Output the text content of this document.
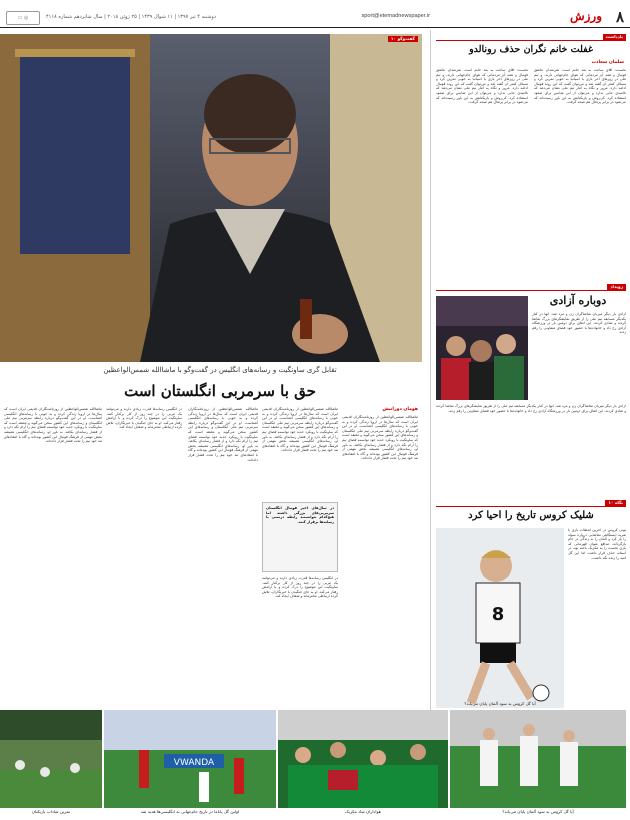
۸
ورزش
sport@etemadnewspaper.ir
دوشنبه ۴ تیر ۱۳۹۷ | ۱۱ شوال ۱۴۳۹ | ۲۵ ژوئن ۲۰۱۸ | سال شانزدهم شماره ۴۱۱۸
◎ ▭
گفت‌وگو ۱۰
تقابل گری ساوتگیت و رسانه‌های انگلیس در گفت‌وگو با ماشاالله شمس‌الواعظین
حق با سرمربی انگلستان است
هومان دورانیش
ماشاالله شمس‌الواعظین از روزنامه‌نگاران قدیمی ایران است که سال‌ها در اروپا زندگی کرده و به خوبی با رسانه‌های انگلیسی آشناست. او در این گفت‌وگو درباره رابطه سرمربی تیم ملی انگلستان و رسانه‌های این کشور سخن می‌گوید و معتقد است که ساوتگیت با رویکرد جدید خود توانسته فضای تیم را آرام نگه دارد و از فشار رسانه‌ای بکاهد. به باور او، رسانه‌های انگلیسی همیشه بخش مهمی از فرهنگ فوتبال این کشور بوده‌اند و گاه با انتقادهای تند خود تیم را تحت فشار قرار داده‌اند.
ماشاالله شمس‌الواعظین از روزنامه‌نگاران قدیمی ایران است که سال‌ها در اروپا زندگی کرده و به خوبی با رسانه‌های انگلیسی آشناست. او در این گفت‌وگو درباره رابطه سرمربی تیم ملی انگلستان و رسانه‌های این کشور سخن می‌گوید و معتقد است که ساوتگیت با رویکرد جدید خود توانسته فضای تیم را آرام نگه دارد و از فشار رسانه‌ای بکاهد. به باور او، رسانه‌های انگلیسی همیشه بخش مهمی از فرهنگ فوتبال این کشور بوده‌اند و گاه با انتقادهای تند خود تیم را تحت فشار قرار داده‌اند.
در سال‌های اخیر فوتبال انگلستان سرمربی‌های بزرگی داشته اما هیچ‌کدام نتوانستند رابطه درستی با رسانه‌ها برقرار کنند.
در انگلیس رسانه‌ها قدرت زیادی دارند و می‌توانند یک مربی را در چند روز از کار برکنار کنند. ساوتگیت این موضوع را درک کرده و با آرامش رفتار می‌کند. او به جای جنگیدن با خبرنگاران، تلاش کرده ارتباطی محترمانه و شفاف ایجاد کند.
ماشاالله شمس‌الواعظین از روزنامه‌نگاران قدیمی ایران است که سال‌ها در اروپا زندگی کرده و به خوبی با رسانه‌های انگلیسی آشناست. او در این گفت‌وگو درباره رابطه سرمربی تیم ملی انگلستان و رسانه‌های این کشور سخن می‌گوید و معتقد است که ساوتگیت با رویکرد جدید خود توانسته فضای تیم را آرام نگه دارد و از فشار رسانه‌ای بکاهد. به باور او، رسانه‌های انگلیسی همیشه بخش مهمی از فرهنگ فوتبال این کشور بوده‌اند و گاه با انتقادهای تند خود تیم را تحت فشار قرار داده‌اند.
در انگلیس رسانه‌ها قدرت زیادی دارند و می‌توانند یک مربی را در چند روز از کار برکنار کنند. ساوتگیت این موضوع را درک کرده و با آرامش رفتار می‌کند. او به جای جنگیدن با خبرنگاران، تلاش کرده ارتباطی محترمانه و شفاف ایجاد کند.
ماشاالله شمس‌الواعظین از روزنامه‌نگاران قدیمی ایران است که سال‌ها در اروپا زندگی کرده و به خوبی با رسانه‌های انگلیسی آشناست. او در این گفت‌وگو درباره رابطه سرمربی تیم ملی انگلستان و رسانه‌های این کشور سخن می‌گوید و معتقد است که ساوتگیت با رویکرد جدید خود توانسته فضای تیم را آرام نگه دارد و از فشار رسانه‌ای بکاهد. به باور او، رسانه‌های انگلیسی همیشه بخش مهمی از فرهنگ فوتبال این کشور بوده‌اند و گاه با انتقادهای تند خود تیم را تحت فشار قرار داده‌اند.
یادداشت
غفلت خانم نگران حذف رونالدو
سلمان سعادت
نخست: آقای ساعت به بعد خانم است. هنرمندان عاشق فوتبال و همه آن مردمانی که هوای جام‌جهانی دارند. و تیم ملی در روزهای آخر بازی با اسپانیا به خوبی تمرین کرد و مسائل کمتر آن گفته شد و می‌توان گفت که این روند فوتبال ادامه دارد. مرور و نگاه به آمار تیم ملی نشان می‌دهد که ناامیدی جایی ندارد و می‌توان از این شانس برای صعود استفاده کرد. کی‌روش و بازیکنانش به این باور رسیده‌اند که می‌شود در برابر پرتغال هم نتیجه گرفت.
نخست: آقای ساعت به بعد خانم است. هنرمندان عاشق فوتبال و همه آن مردمانی که هوای جام‌جهانی دارند. و تیم ملی در روزهای آخر بازی با اسپانیا به خوبی تمرین کرد و مسائل کمتر آن گفته شد و می‌توان گفت که این روند فوتبال ادامه دارد. مرور و نگاه به آمار تیم ملی نشان می‌دهد که ناامیدی جایی ندارد و می‌توان از این شانس برای صعود استفاده کرد. کی‌روش و بازیکنانش به این باور رسیده‌اند که می‌شود در برابر پرتغال هم نتیجه گرفت.
رویداد
دوباره آزادی
آزادی بار دیگر میزبان تماشاگران زن و مرد شد. آنها در کنار یکدیگر مسابقه تیم ملی را از طریق نمایشگرهای بزرگ تماشا کردند و شادی کردند. این اتفاق برای دومین بار در ورزشگاه آزادی رخ داد و خانواده‌ها با حضور خود فضای متفاوتی را رقم زدند.
آزادی بار دیگر میزبان تماشاگران زن و مرد شد. آنها در کنار یکدیگر مسابقه تیم ملی را از طریق نمایشگرهای بزرگ تماشا کردند و شادی کردند. این اتفاق برای دومین بار در ورزشگاه آزادی رخ داد و خانواده‌ها با حضور خود فضای متفاوتی را رقم زدند.
نگاه ۱۰
شلیک کروس تاریخ را احیا کرد
تونی کروس در آخرین لحظات بازی با ضربه ایستگاهی تماشایی دروازه سوئد را باز کرد و آلمان را به زندگی در جام بازگرداند. مدافع عنوان قهرمانی که بازی نخست را به مکزیک باخته بود، در آستانه حذف قرار داشت اما این گل امید را زنده نگه داشت.
8
آیا گل کروس به سود آلمان پایان می‌یابد؟
تمرین شاداب بازیکنان
VWANDA
اولین گل پاناما در تاریخ جام‌جهانی به انگلیسی‌ها هدیه شد	هواداران شاد مکزیک	آیا گل کروس به سود آلمان پایان می‌یابد؟
